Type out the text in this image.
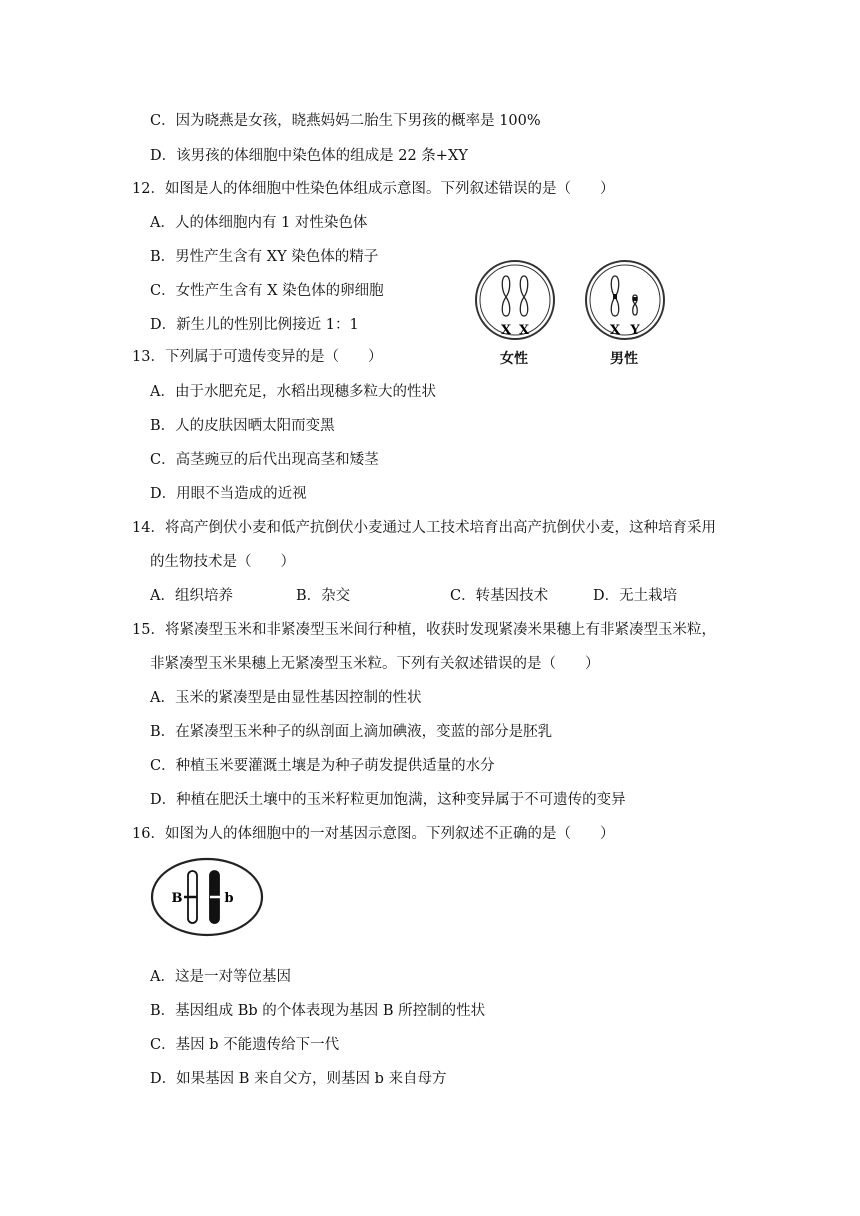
C．因为晓燕是女孩，晓燕妈妈二胎生下男孩的概率是 100%
D．该男孩的体细胞中染色体的组成是 22 条+XY
12．如图是人的体细胞中性染色体组成示意图。下列叙述错误的是（　　）
A．人的体细胞内有 1 对性染色体
B．男性产生含有 XY 染色体的精子
C．女性产生含有 X 染色体的卵细胞
D．新生儿的性别比例接近 1：1	X X	X Y
女性	男性
13．下列属于可遗传变异的是（　　）
A．由于水肥充足，水稻出现穗多粒大的性状
B．人的皮肤因晒太阳而变黑
C．高茎豌豆的后代出现高茎和矮茎
D．用眼不当造成的近视
14．将高产倒伏小麦和低产抗倒伏小麦通过人工技术培育出高产抗倒伏小麦，这种培育采用
的生物技术是（　　）
A．组织培养	B．杂交	C．转基因技术	D．无土栽培
15．将紧凑型玉米和非紧凑型玉米间行种植，收获时发现紧凑米果穗上有非紧凑型玉米粒，
非紧凑型玉米果穗上无紧凑型玉米粒。下列有关叙述错误的是（　　）
A．玉米的紧凑型是由显性基因控制的性状
B．在紧凑型玉米种子的纵剖面上滴加碘液，变蓝的部分是胚乳
C．种植玉米要灌溉土壤是为种子萌发提供适量的水分
D．种植在肥沃土壤中的玉米籽粒更加饱满，这种变异属于不可遗传的变异
16．如图为人的体细胞中的一对基因示意图。下列叙述不正确的是（　　）
B	b
A．这是一对等位基因
B．基因组成 Bb 的个体表现为基因 B 所控制的性状
C．基因 b 不能遗传给下一代
D．如果基因 B 来自父方，则基因 b 来自母方
